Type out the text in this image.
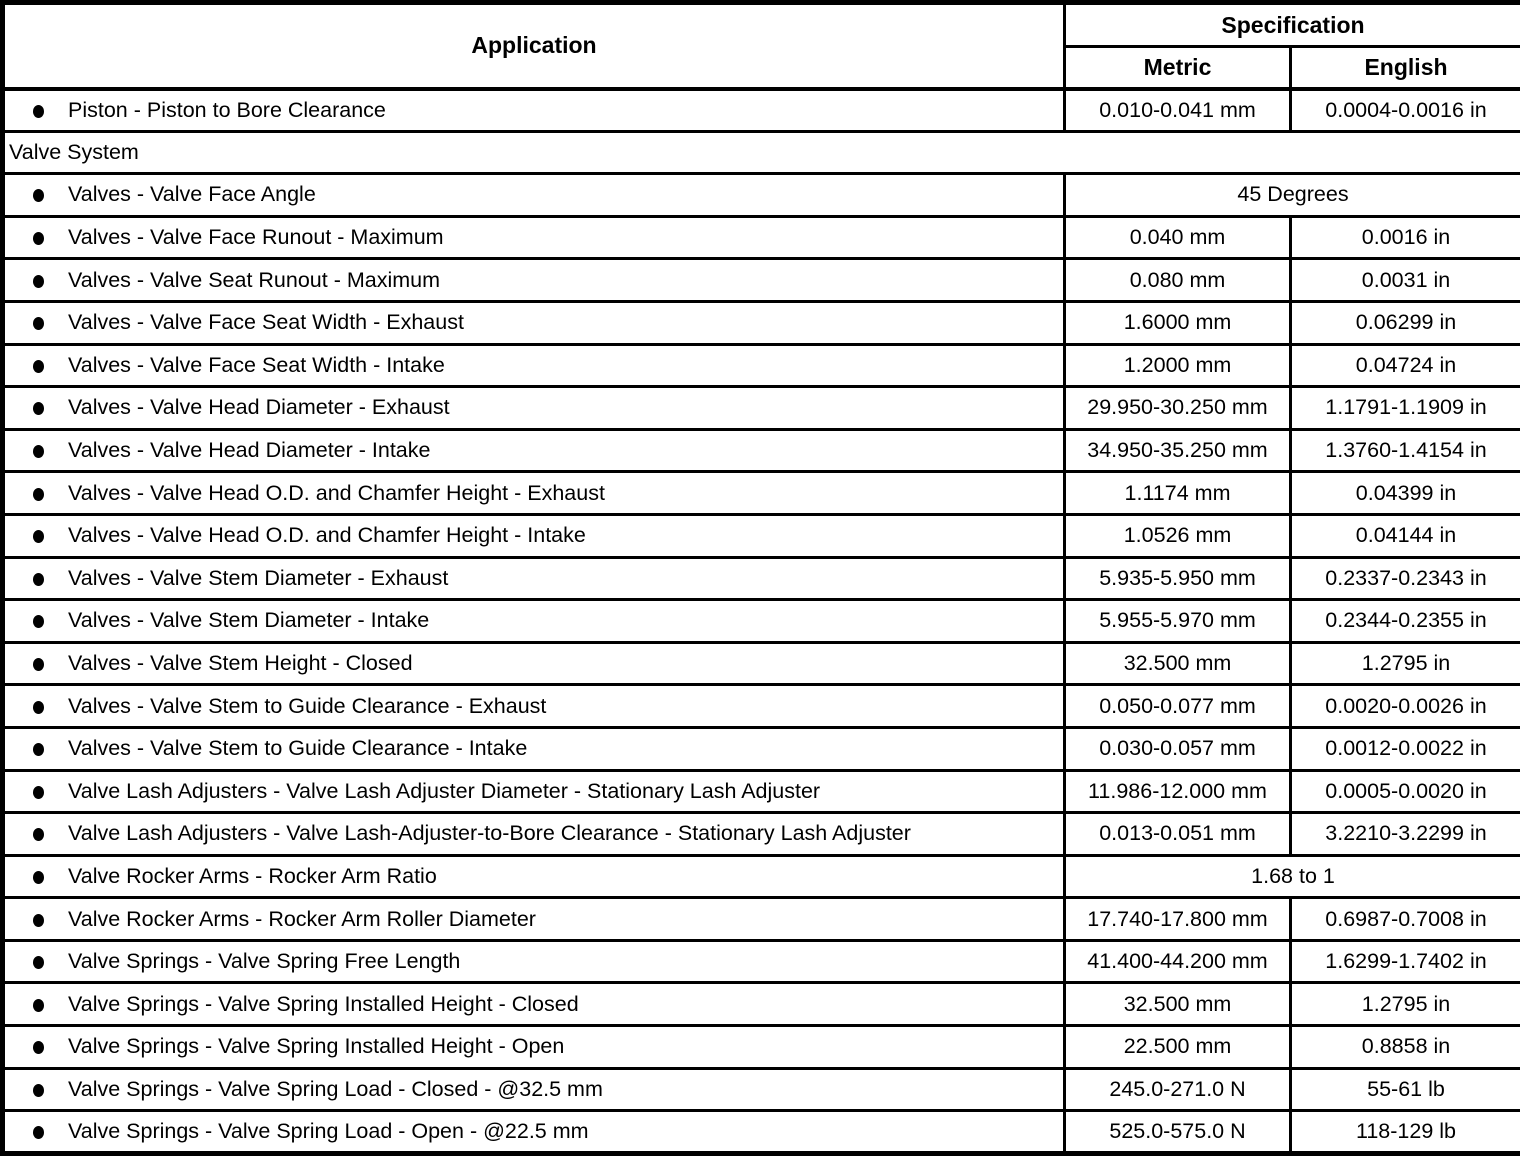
Application	Specification	
	Metric	English
Piston - Piston to Bore Clearance	0.010-0.041 mm	0.0004-0.0016 in
Valve System		
Valves - Valve Face Angle	45 Degrees	
Valves - Valve Face Runout - Maximum	0.040 mm	0.0016 in
Valves - Valve Seat Runout - Maximum	0.080 mm	0.0031 in
Valves - Valve Face Seat Width - Exhaust	1.6000 mm	0.06299 in
Valves - Valve Face Seat Width - Intake	1.2000 mm	0.04724 in
Valves - Valve Head Diameter - Exhaust	29.950-30.250 mm	1.1791-1.1909 in
Valves - Valve Head Diameter - Intake	34.950-35.250 mm	1.3760-1.4154 in
Valves - Valve Head O.D. and Chamfer Height - Exhaust	1.1174 mm	0.04399 in
Valves - Valve Head O.D. and Chamfer Height - Intake	1.0526 mm	0.04144 in
Valves - Valve Stem Diameter - Exhaust	5.935-5.950 mm	0.2337-0.2343 in
Valves - Valve Stem Diameter - Intake	5.955-5.970 mm	0.2344-0.2355 in
Valves - Valve Stem Height - Closed	32.500 mm	1.2795 in
Valves - Valve Stem to Guide Clearance - Exhaust	0.050-0.077 mm	0.0020-0.0026 in
Valves - Valve Stem to Guide Clearance - Intake	0.030-0.057 mm	0.0012-0.0022 in
Valve Lash Adjusters - Valve Lash Adjuster Diameter - Stationary Lash Adjuster	11.986-12.000 mm	0.0005-0.0020 in
Valve Lash Adjusters - Valve Lash-Adjuster-to-Bore Clearance - Stationary Lash Adjuster	0.013-0.051 mm	3.2210-3.2299 in
Valve Rocker Arms - Rocker Arm Ratio	1.68 to 1	
Valve Rocker Arms - Rocker Arm Roller Diameter	17.740-17.800 mm	0.6987-0.7008 in
Valve Springs - Valve Spring Free Length	41.400-44.200 mm	1.6299-1.7402 in
Valve Springs - Valve Spring Installed Height - Closed	32.500 mm	1.2795 in
Valve Springs - Valve Spring Installed Height - Open	22.500 mm	0.8858 in
Valve Springs - Valve Spring Load - Closed - @32.5 mm	245.0-271.0 N	55-61 lb
Valve Springs - Valve Spring Load - Open - @22.5 mm	525.0-575.0 N	118-129 lb
